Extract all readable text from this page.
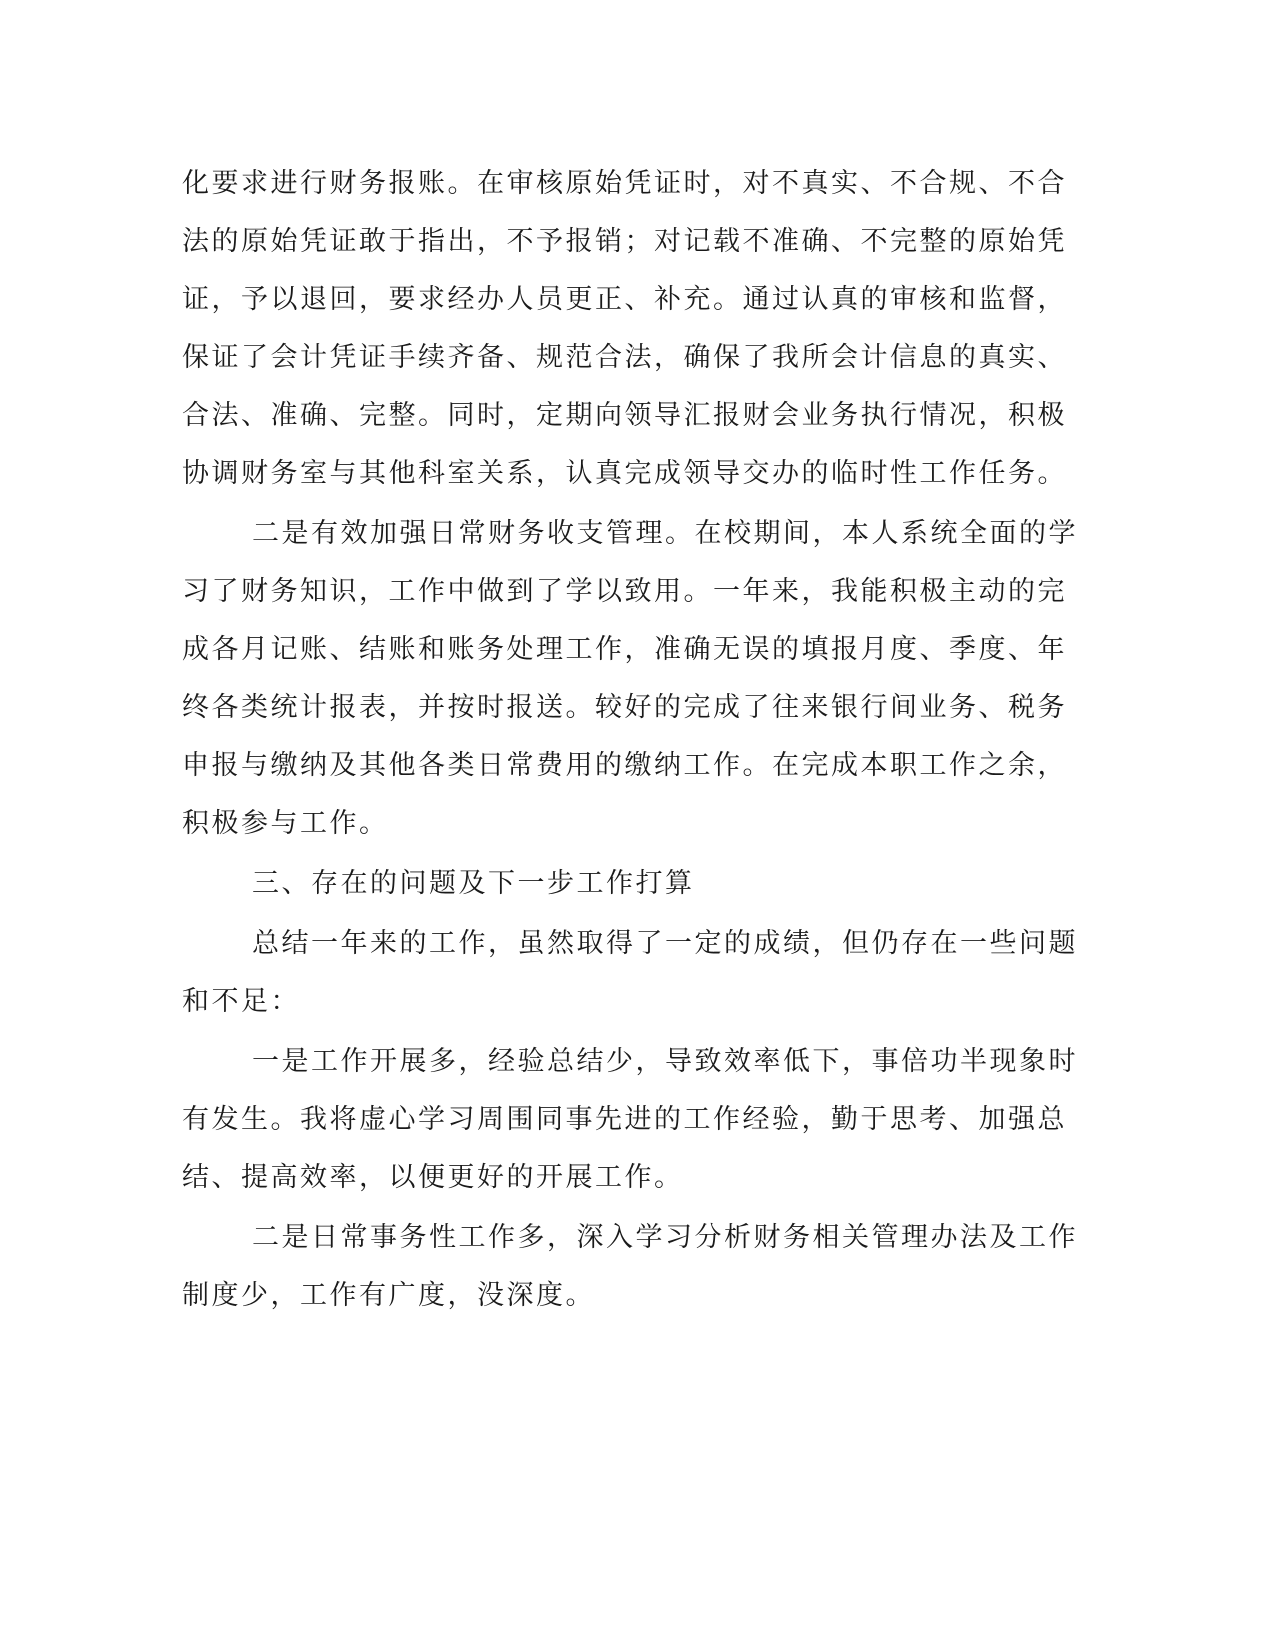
化要求进行财务报账。在审核原始凭证时，对不真实、不合规、不合
法的原始凭证敢于指出，不予报销；对记载不准确、不完整的原始凭
证，予以退回，要求经办人员更正、补充。通过认真的审核和监督，
保证了会计凭证手续齐备、规范合法，确保了我所会计信息的真实、
合法、准确、完整。同时，定期向领导汇报财会业务执行情况，积极
协调财务室与其他科室关系，认真完成领导交办的临时性工作任务。
二是有效加强日常财务收支管理。在校期间，本人系统全面的学
习了财务知识，工作中做到了学以致用。一年来，我能积极主动的完
成各月记账、结账和账务处理工作，准确无误的填报月度、季度、年
终各类统计报表，并按时报送。较好的完成了往来银行间业务、税务
申报与缴纳及其他各类日常费用的缴纳工作。在完成本职工作之余，
积极参与工作。
三、存在的问题及下一步工作打算
总结一年来的工作，虽然取得了一定的成绩，但仍存在一些问题
和不足：
一是工作开展多，经验总结少，导致效率低下，事倍功半现象时
有发生。我将虚心学习周围同事先进的工作经验，勤于思考、加强总
结、提高效率，以便更好的开展工作。
二是日常事务性工作多，深入学习分析财务相关管理办法及工作
制度少，工作有广度，没深度。
